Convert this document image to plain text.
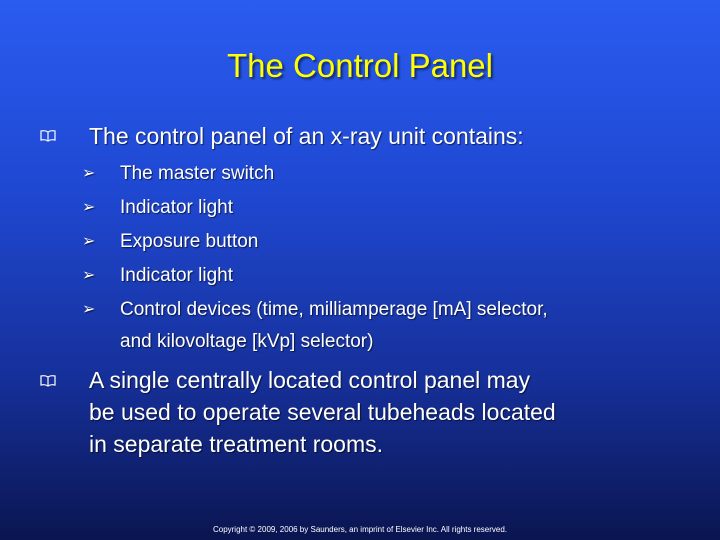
The Control Panel
The control panel of an x-ray unit contains:
➢ The master switch
➢ Indicator light
➢ Exposure button
➢ Indicator light
➢ Control devices (time, milliamperage [mA] selector,
and kilovoltage [kVp] selector)
A single centrally located control panel may
be used to operate several tubeheads located
in separate treatment rooms.
Copyright © 2009, 2006 by Saunders, an imprint of Elsevier Inc. All rights reserved.
